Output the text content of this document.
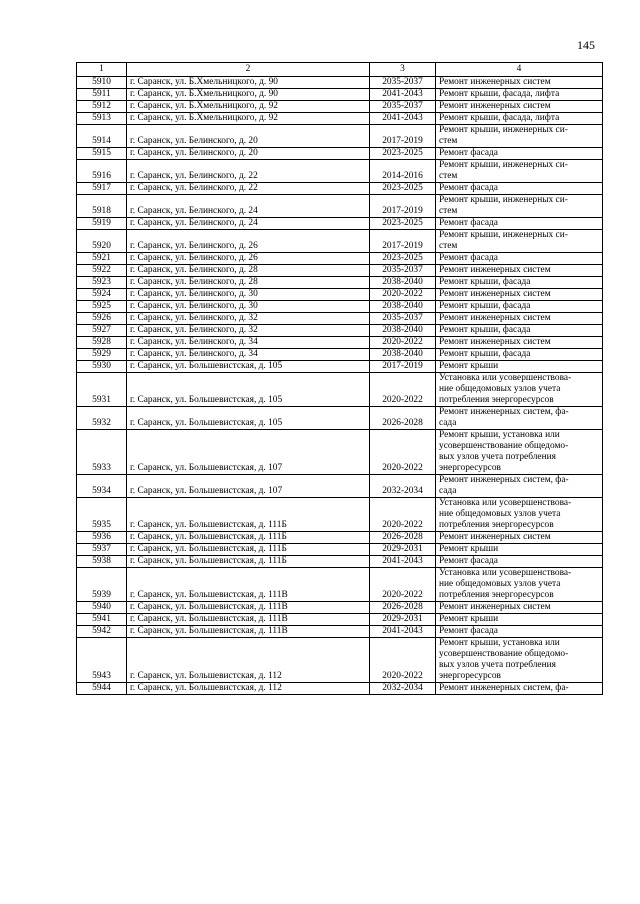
145
1	2	3	4
5910	г. Саранск, ул. Б.Хмельницкого, д. 90	2035-2037	Ремонт инженерных систем
5911	г. Саранск, ул. Б.Хмельницкого, д. 90	2041-2043	Ремонт крыши, фасада, лифта
5912	г. Саранск, ул. Б.Хмельницкого, д. 92	2035-2037	Ремонт инженерных систем
5913	г. Саранск, ул. Б.Хмельницкого, д. 92	2041-2043	Ремонт крыши, фасада, лифта
5914	г. Саранск, ул. Белинского, д. 20	2017-2019	Ремонт крыши, инженерных си-
стем
5915	г. Саранск, ул. Белинского, д. 20	2023-2025	Ремонт фасада
5916	г. Саранск, ул. Белинского, д. 22	2014-2016	Ремонт крыши, инженерных си-
стем
5917	г. Саранск, ул. Белинского, д. 22	2023-2025	Ремонт фасада
5918	г. Саранск, ул. Белинского, д. 24	2017-2019	Ремонт крыши, инженерных си-
стем
5919	г. Саранск, ул. Белинского, д. 24	2023-2025	Ремонт фасада
5920	г. Саранск, ул. Белинского, д. 26	2017-2019	Ремонт крыши, инженерных си-
стем
5921	г. Саранск, ул. Белинского, д. 26	2023-2025	Ремонт фасада
5922	г. Саранск, ул. Белинского, д. 28	2035-2037	Ремонт инженерных систем
5923	г. Саранск, ул. Белинского, д. 28	2038-2040	Ремонт крыши, фасада
5924	г. Саранск, ул. Белинского, д. 30	2020-2022	Ремонт инженерных систем
5925	г. Саранск, ул. Белинского, д. 30	2038-2040	Ремонт крыши, фасада
5926	г. Саранск, ул. Белинского, д. 32	2035-2037	Ремонт инженерных систем
5927	г. Саранск, ул. Белинского, д. 32	2038-2040	Ремонт крыши, фасада
5928	г. Саранск, ул. Белинского, д. 34	2020-2022	Ремонт инженерных систем
5929	г. Саранск, ул. Белинского, д. 34	2038-2040	Ремонт крыши, фасада
5930	г. Саранск, ул. Большевистская, д. 105	2017-2019	Ремонт крыши
5931	г. Саранск, ул. Большевистская, д. 105	2020-2022	Установка или усовершенствова-
ние общедомовых узлов учета
потребления энергоресурсов
5932	г. Саранск, ул. Большевистская, д. 105	2026-2028	Ремонт инженерных систем, фа-
сада
5933	г. Саранск, ул. Большевистская, д. 107	2020-2022	Ремонт крыши, установка или
усовершенствование общедомо-
вых узлов учета потребления
энергоресурсов
5934	г. Саранск, ул. Большевистская, д. 107	2032-2034	Ремонт инженерных систем, фа-
сада
5935	г. Саранск, ул. Большевистская, д. 111Б	2020-2022	Установка или усовершенствова-
ние общедомовых узлов учета
потребления энергоресурсов
5936	г. Саранск, ул. Большевистская, д. 111Б	2026-2028	Ремонт инженерных систем
5937	г. Саранск, ул. Большевистская, д. 111Б	2029-2031	Ремонт крыши
5938	г. Саранск, ул. Большевистская, д. 111Б	2041-2043	Ремонт фасада
5939	г. Саранск, ул. Большевистская, д. 111В	2020-2022	Установка или усовершенствова-
ние общедомовых узлов учета
потребления энергоресурсов
5940	г. Саранск, ул. Большевистская, д. 111В	2026-2028	Ремонт инженерных систем
5941	г. Саранск, ул. Большевистская, д. 111В	2029-2031	Ремонт крыши
5942	г. Саранск, ул. Большевистская, д. 111В	2041-2043	Ремонт фасада
5943	г. Саранск, ул. Большевистская, д. 112	2020-2022	Ремонт крыши, установка или
усовершенствование общедомо-
вых узлов учета потребления
энергоресурсов
5944	г. Саранск, ул. Большевистская, д. 112	2032-2034	Ремонт инженерных систем, фа-
